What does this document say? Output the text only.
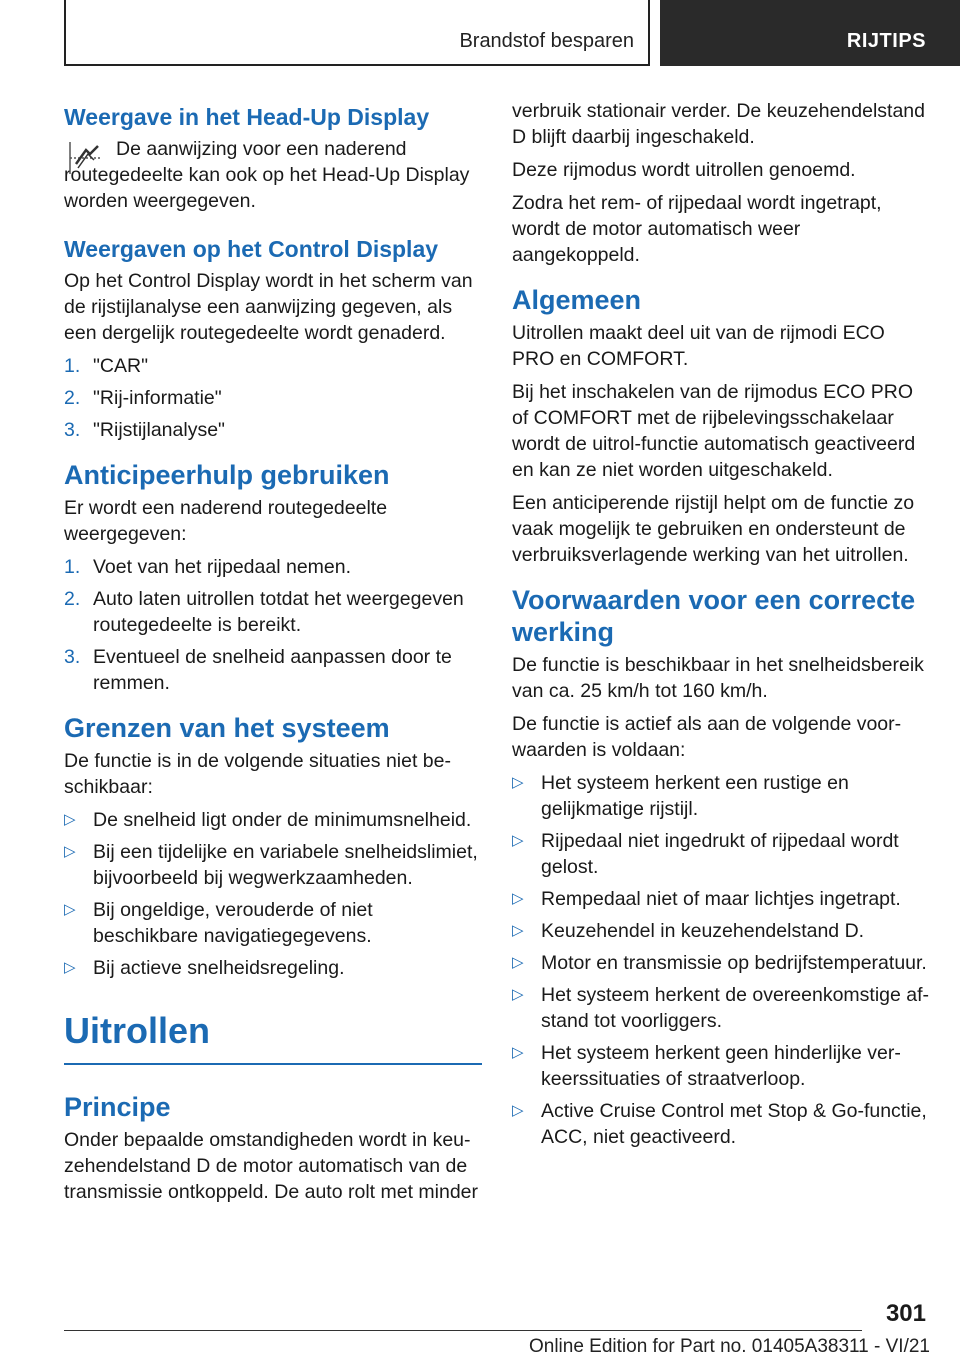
Brandstof besparen	RIJTIPS
Weergave in het Head-Up Display

De aanwijzing voor een naderend routegedeelte kan ook op het Head-Up Display worden weergegeven.

Weergaven op het Control Display

Op het Control Display wordt in het scherm van de rijstijlanalyse een aanwijzing gegeven, als een dergelijk routegedeelte wordt genaderd.

1. "CAR"
2. "Rij-informatie"
3. "Rijstijlanalyse"
Anticipeerhulp gebruiken

Er wordt een naderend routegedeelte weergegeven:

1. Voet van het rijpedaal nemen.
2. Auto laten uitrollen totdat het weergegeven routegedeelte is bereikt.
3. Eventueel de snelheid aanpassen door te remmen.
Grenzen van het systeem

De functie is in de volgende situaties niet beschikbaar:

▷ De snelheid ligt onder de minimumsnelheid.
▷ Bij een tijdelijke en variabele snelheidslimiet, bijvoorbeeld bij wegwerkzaamheden.
▷ Bij ongeldige, verouderde of niet beschikbare navigatiegegevens.
▷ Bij actieve snelheidsregeling.
Uitrollen
Principe

Onder bepaalde omstandigheden wordt in keuzehendelstand D de motor automatisch van de transmissie ontkoppeld. De auto rolt met minder

verbruik stationair verder. De keuzehendelstand D blijft daarbij ingeschakeld.

Deze rijmodus wordt uitrollen genoemd.

Zodra het rem- of rijpedaal wordt ingetrapt, wordt de motor automatisch weer aangekoppeld.

Algemeen

Uitrollen maakt deel uit van de rijmodi ECO PRO en COMFORT.

Bij het inschakelen van de rijmodus ECO PRO of COMFORT met de rijbelevingsschakelaar wordt de uitrol-functie automatisch geactiveerd en kan ze niet worden uitgeschakeld.

Een anticiperende rijstijl helpt om de functie zo vaak mogelijk te gebruiken en ondersteunt de verbruiksverlagende werking van het uitrollen.

Voorwaarden voor een correcte werking

De functie is beschikbaar in het snelheidsbereik van ca. 25 km/h tot 160 km/h.

De functie is actief als aan de volgende voorwaarden is voldaan:

▷ Het systeem herkent een rustige en gelijkmatige rijstijl.
▷ Rijpedaal niet ingedrukt of rijpedaal wordt gelost.
▷ Rempedaal niet of maar lichtjes ingetrapt.
▷ Keuzehendel in keuzehendelstand D.
▷ Motor en transmissie op bedrijfstemperatuur.
▷ Het systeem herkent de overeenkomstige afstand tot voorliggers.
▷ Het systeem herkent geen hinderlijke verkeerssituaties of straatverloop.
▷ Active Cruise Control met Stop & Go-functie, ACC, niet geactiveerd.
301
Online Edition for Part no. 01405A38311 - VI/21
